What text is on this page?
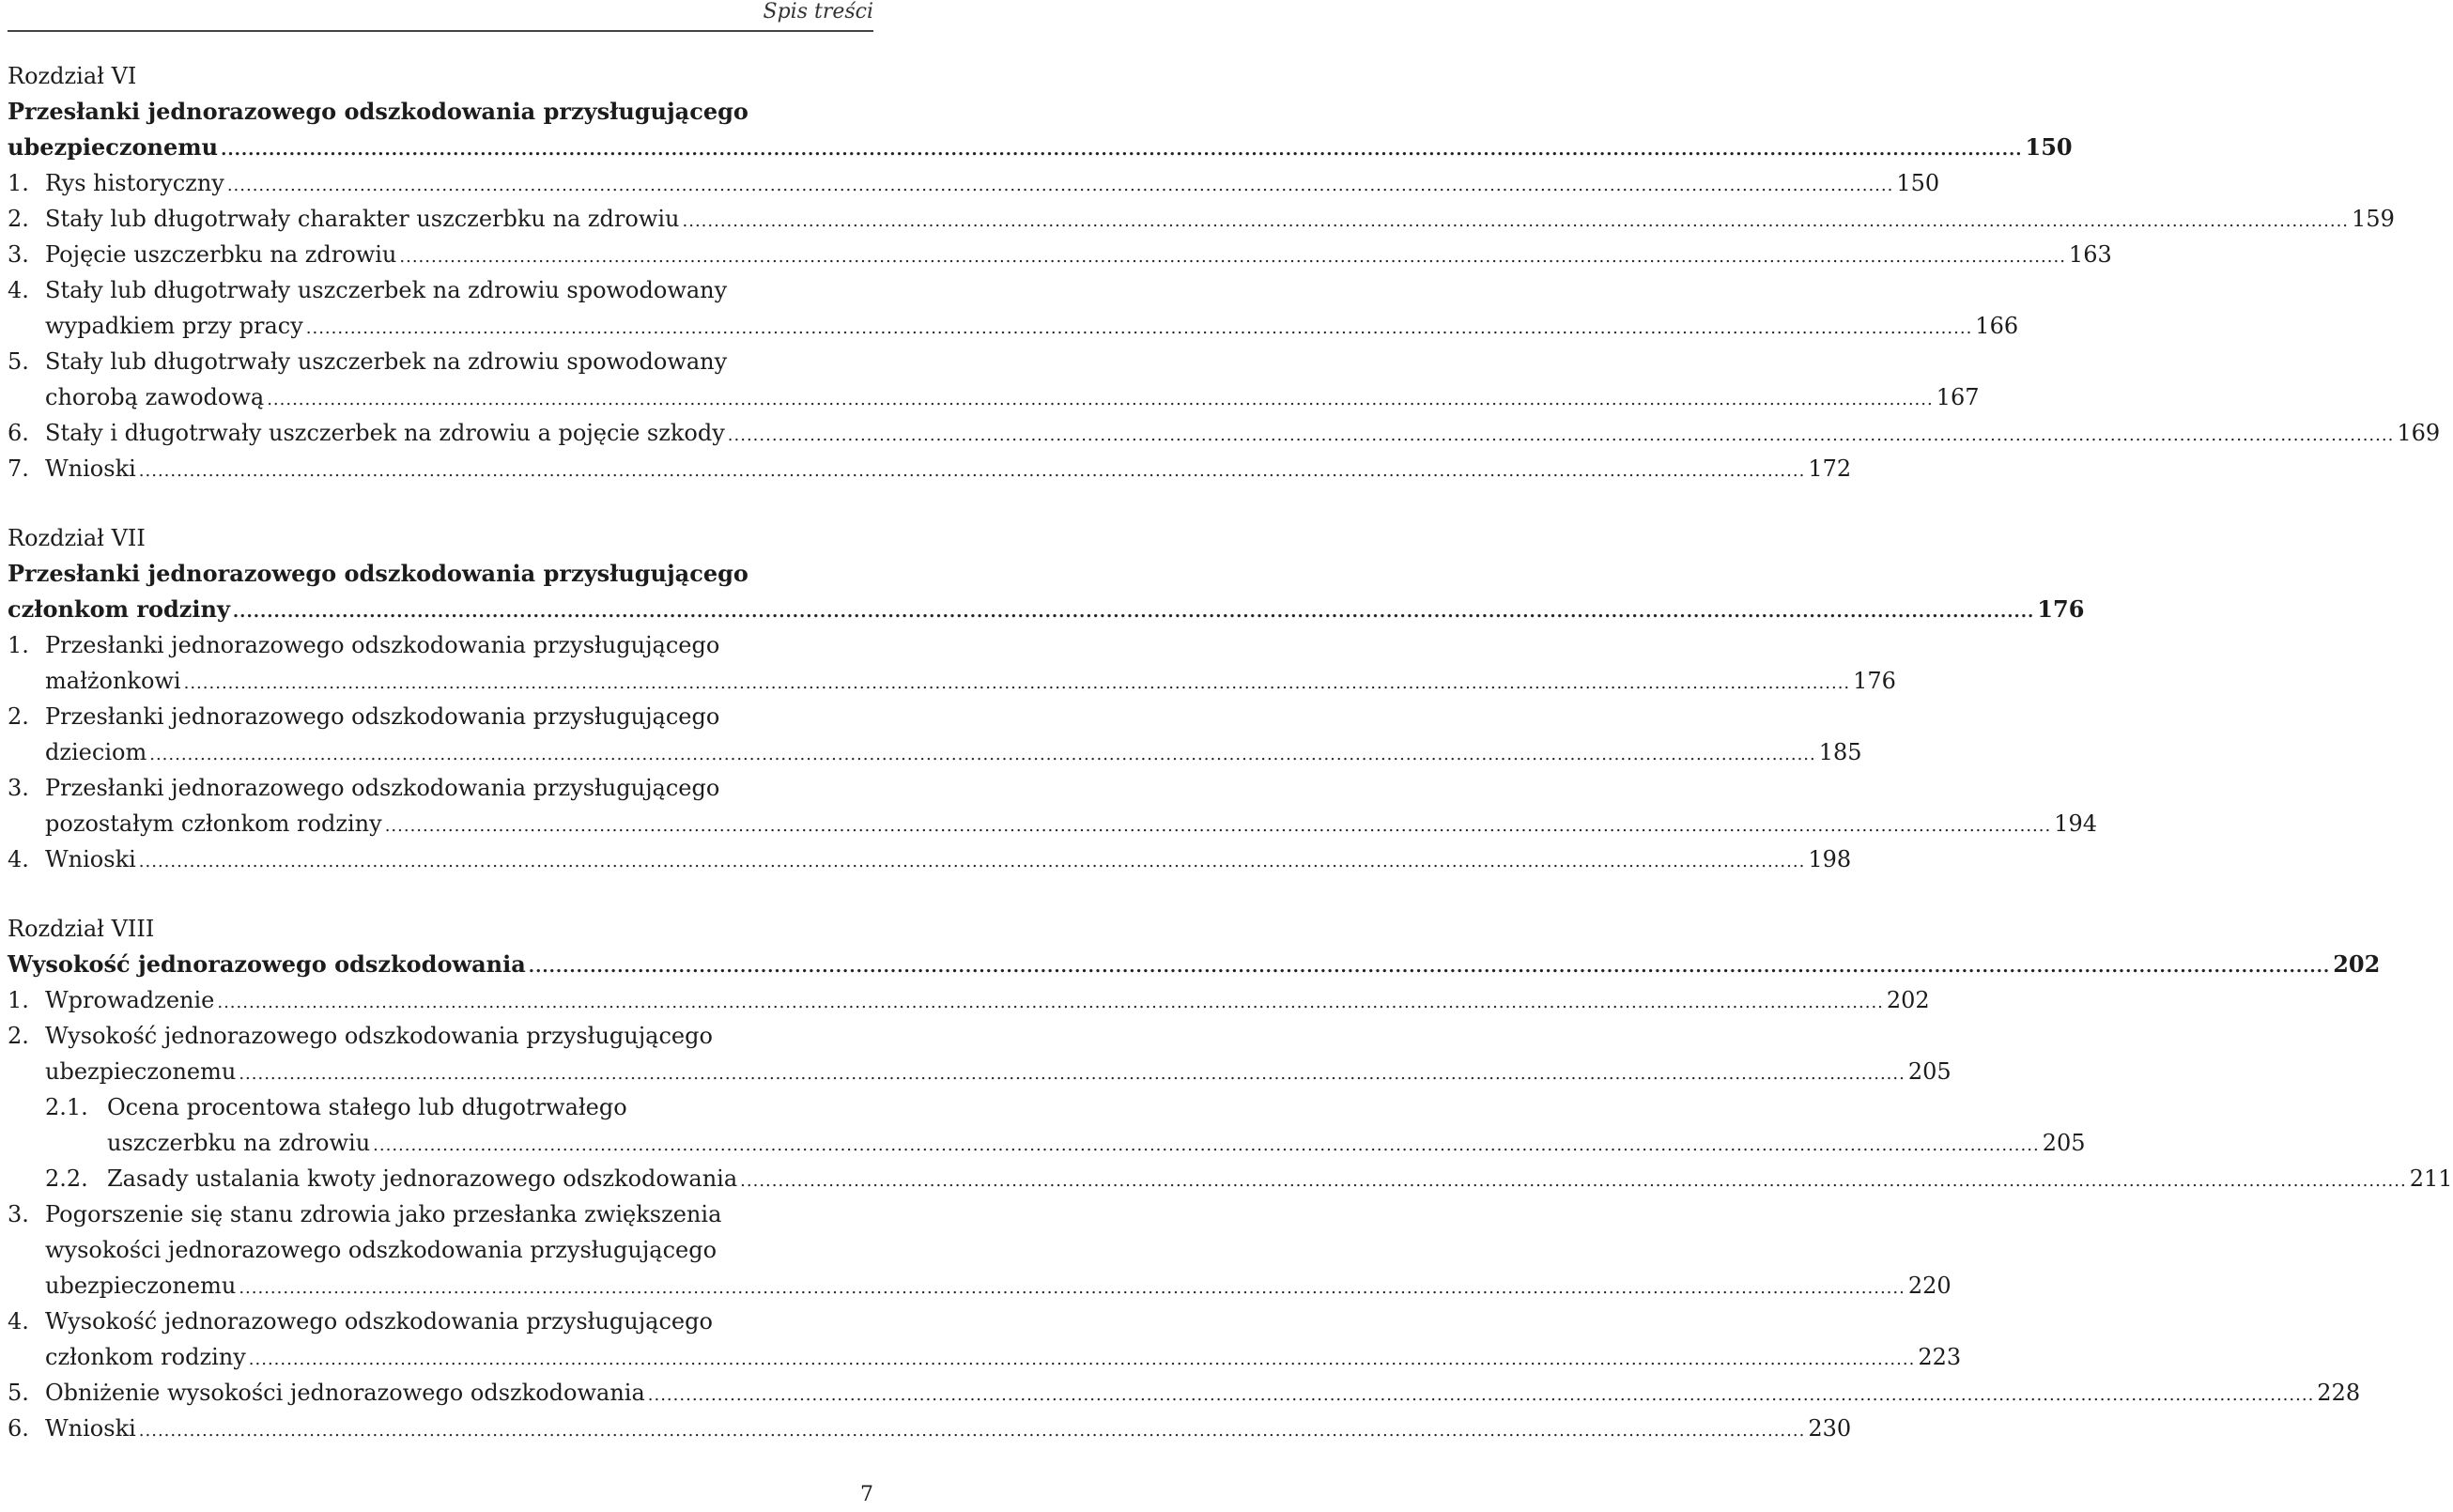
Spis treści
Rozdział VI
Przesłanki jednorazowego odszkodowania przysługującego
ubezpieczonemu .....	150
1. Rys historyczny .....	150
2. Stały lub długotrwały charakter uszczerbku na zdrowiu .....	159
3. Pojęcie uszczerbku na zdrowiu .....	163
4. Stały lub długotrwały uszczerbek na zdrowiu spowodowany
wypadkiem przy pracy .....	166
5. Stały lub długotrwały uszczerbek na zdrowiu spowodowany
chorobą zawodową .....	167
6. Stały i długotrwały uszczerbek na zdrowiu a pojęcie szkody .....	169
7. Wnioski .....	172
Rozdział VII
Przesłanki jednorazowego odszkodowania przysługującego
członkom rodziny .....	176
1. Przesłanki jednorazowego odszkodowania przysługującego
małżonkowi .....	176
2. Przesłanki jednorazowego odszkodowania przysługującego
dzieciom .....	185
3. Przesłanki jednorazowego odszkodowania przysługującego
pozostałym członkom rodziny .....	194
4. Wnioski .....	198
Rozdział VIII
Wysokość jednorazowego odszkodowania .....	202
1. Wprowadzenie .....	202
2. Wysokość jednorazowego odszkodowania przysługującego
ubezpieczonemu .....	205
2.1. Ocena procentowa stałego lub długotrwałego
uszczerbku na zdrowiu .....	205
2.2. Zasady ustalania kwoty jednorazowego odszkodowania .....	211
3. Pogorszenie się stanu zdrowia jako przesłanka zwiększenia
wysokości jednorazowego odszkodowania przysługującego
ubezpieczonemu .....	220
4. Wysokość jednorazowego odszkodowania przysługującego
członkom rodziny .....	223
5. Obniżenie wysokości jednorazowego odszkodowania .....	228
6. Wnioski .....	230
7
